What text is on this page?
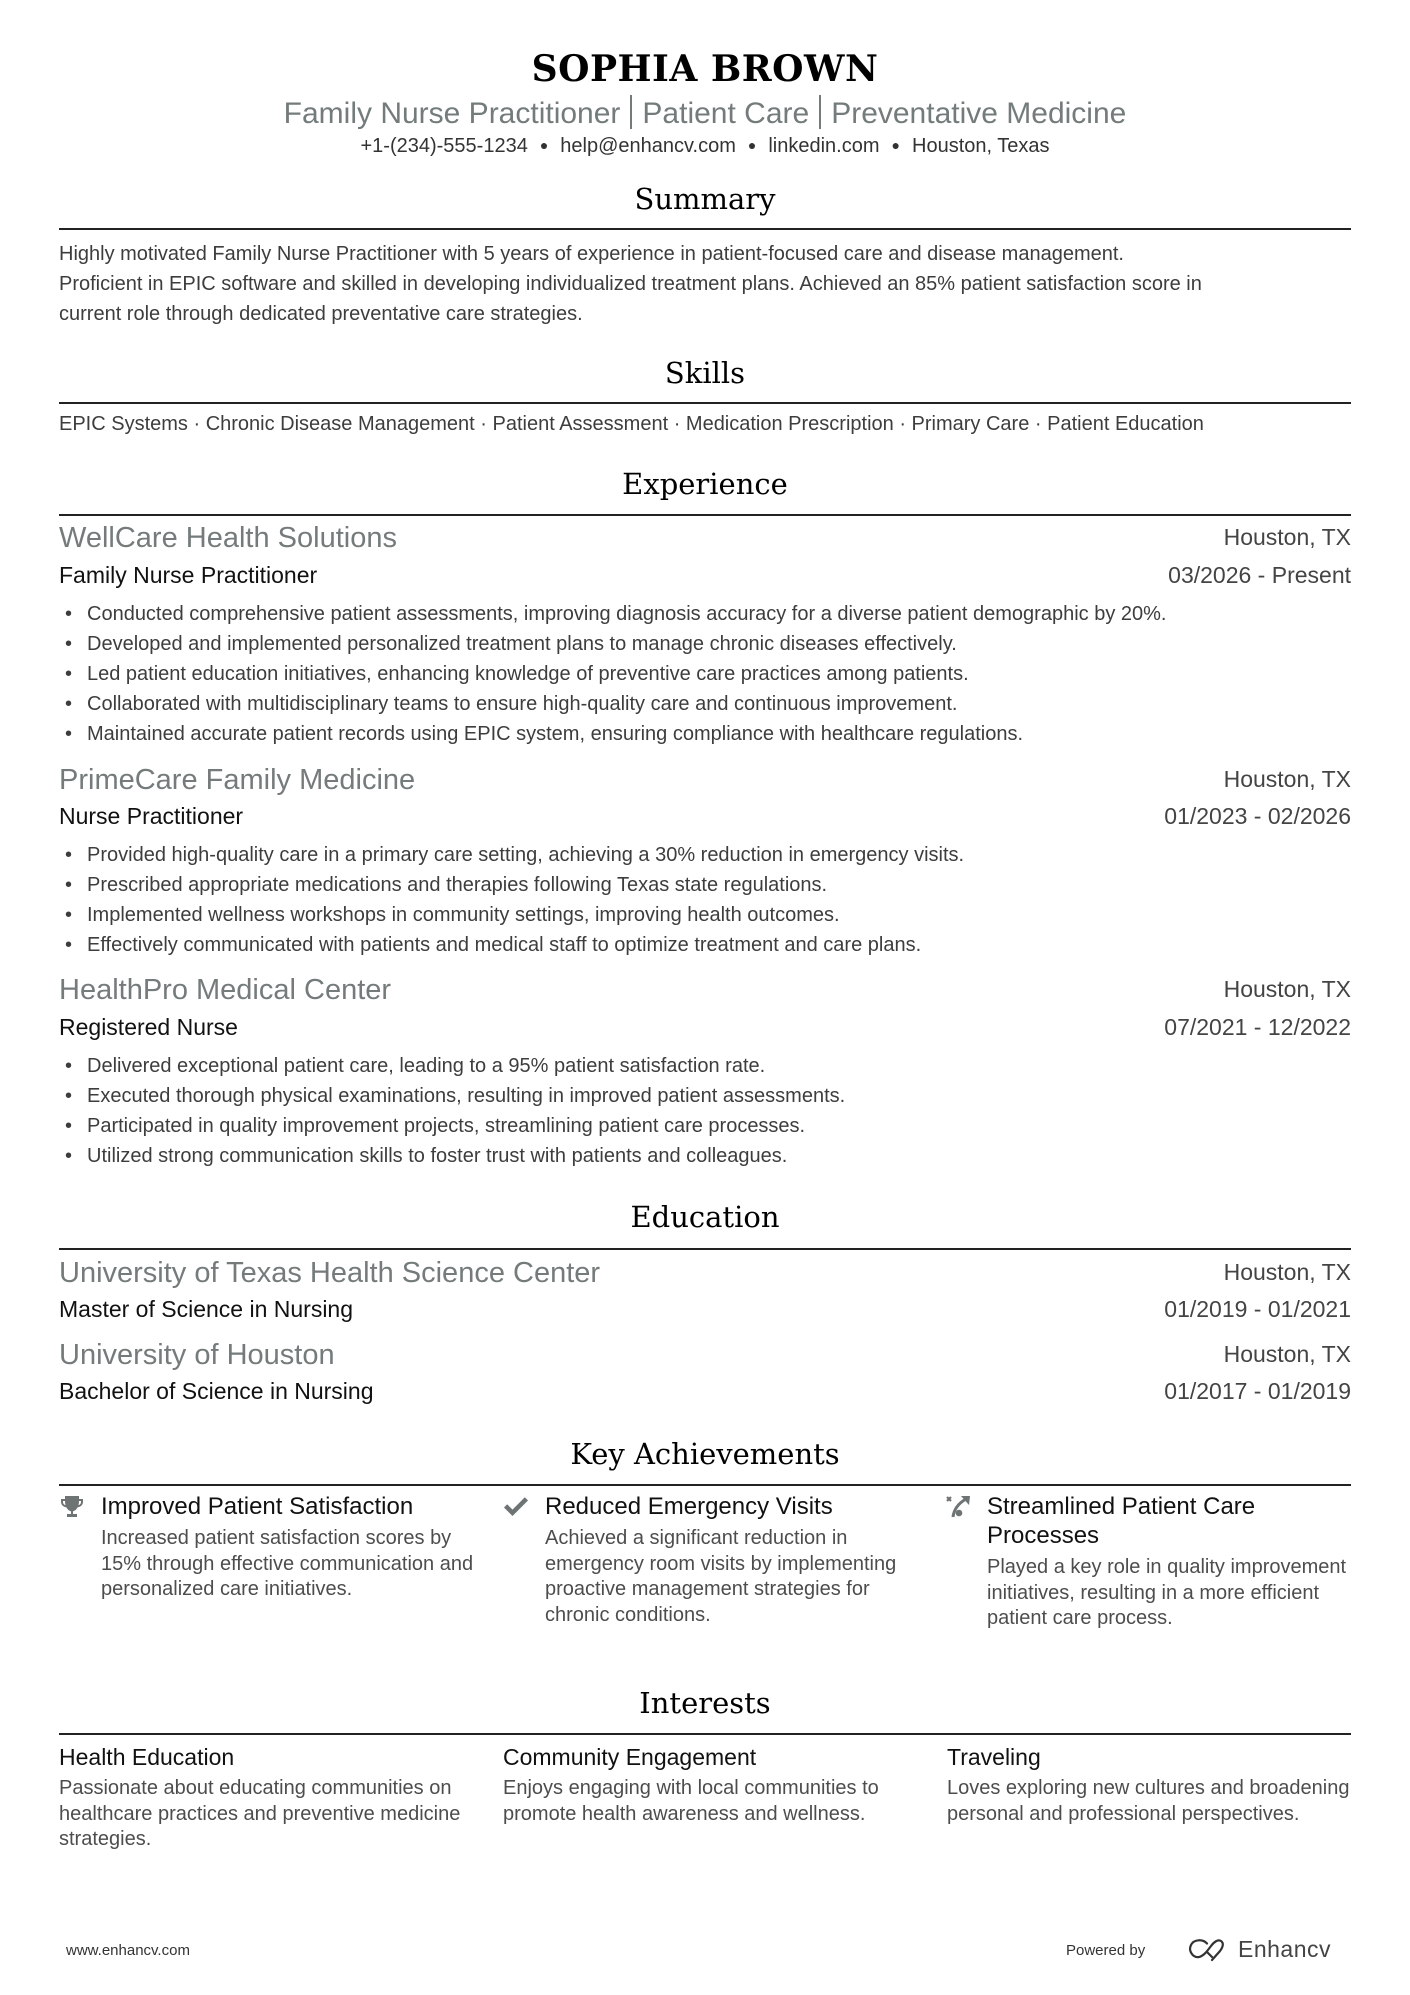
SOPHIA BROWN
Family Nurse Practitioner Patient Care Preventative Medicine
+1-(234)-555-1234 ● help@enhancv.com ● linkedin.com ● Houston, Texas
Summary
Highly motivated Family Nurse Practitioner with 5 years of experience in patient-focused care and disease management.
Proficient in EPIC software and skilled in developing individualized treatment plans. Achieved an 85% patient satisfaction score in
current role through dedicated preventative care strategies.
Skills
EPIC Systems · Chronic Disease Management · Patient Assessment · Medication Prescription · Primary Care · Patient Education
Experience
WellCare Health Solutions	Houston, TX
Family Nurse Practitioner	03/2026 - Present
• Conducted comprehensive patient assessments, improving diagnosis accuracy for a diverse patient demographic by 20%.
• Developed and implemented personalized treatment plans to manage chronic diseases effectively.
• Led patient education initiatives, enhancing knowledge of preventive care practices among patients.
• Collaborated with multidisciplinary teams to ensure high-quality care and continuous improvement.
• Maintained accurate patient records using EPIC system, ensuring compliance with healthcare regulations.
PrimeCare Family Medicine	Houston, TX
Nurse Practitioner	01/2023 - 02/2026
• Provided high-quality care in a primary care setting, achieving a 30% reduction in emergency visits.
• Prescribed appropriate medications and therapies following Texas state regulations.
• Implemented wellness workshops in community settings, improving health outcomes.
• Effectively communicated with patients and medical staff to optimize treatment and care plans.
HealthPro Medical Center	Houston, TX
Registered Nurse	07/2021 - 12/2022
• Delivered exceptional patient care, leading to a 95% patient satisfaction rate.
• Executed thorough physical examinations, resulting in improved patient assessments.
• Participated in quality improvement projects, streamlining patient care processes.
• Utilized strong communication skills to foster trust with patients and colleagues.
Education
University of Texas Health Science Center	Houston, TX
Master of Science in Nursing	01/2019 - 01/2021
University of Houston	Houston, TX
Bachelor of Science in Nursing	01/2017 - 01/2019
Key Achievements
Improved Patient Satisfaction
Increased patient satisfaction scores by 15% through effective communication and personalized care initiatives.
Reduced Emergency Visits
Achieved a significant reduction in emergency room visits by implementing proactive management strategies for chronic conditions.
Streamlined Patient Care Processes
Played a key role in quality improvement initiatives, resulting in a more efficient patient care process.
Interests
Health Education
Passionate about educating communities on healthcare practices and preventive medicine strategies.
Community Engagement
Enjoys engaging with local communities to promote health awareness and wellness.
Traveling
Loves exploring new cultures and broadening personal and professional perspectives.
www.enhancv.com	Powered by	Enhancv
